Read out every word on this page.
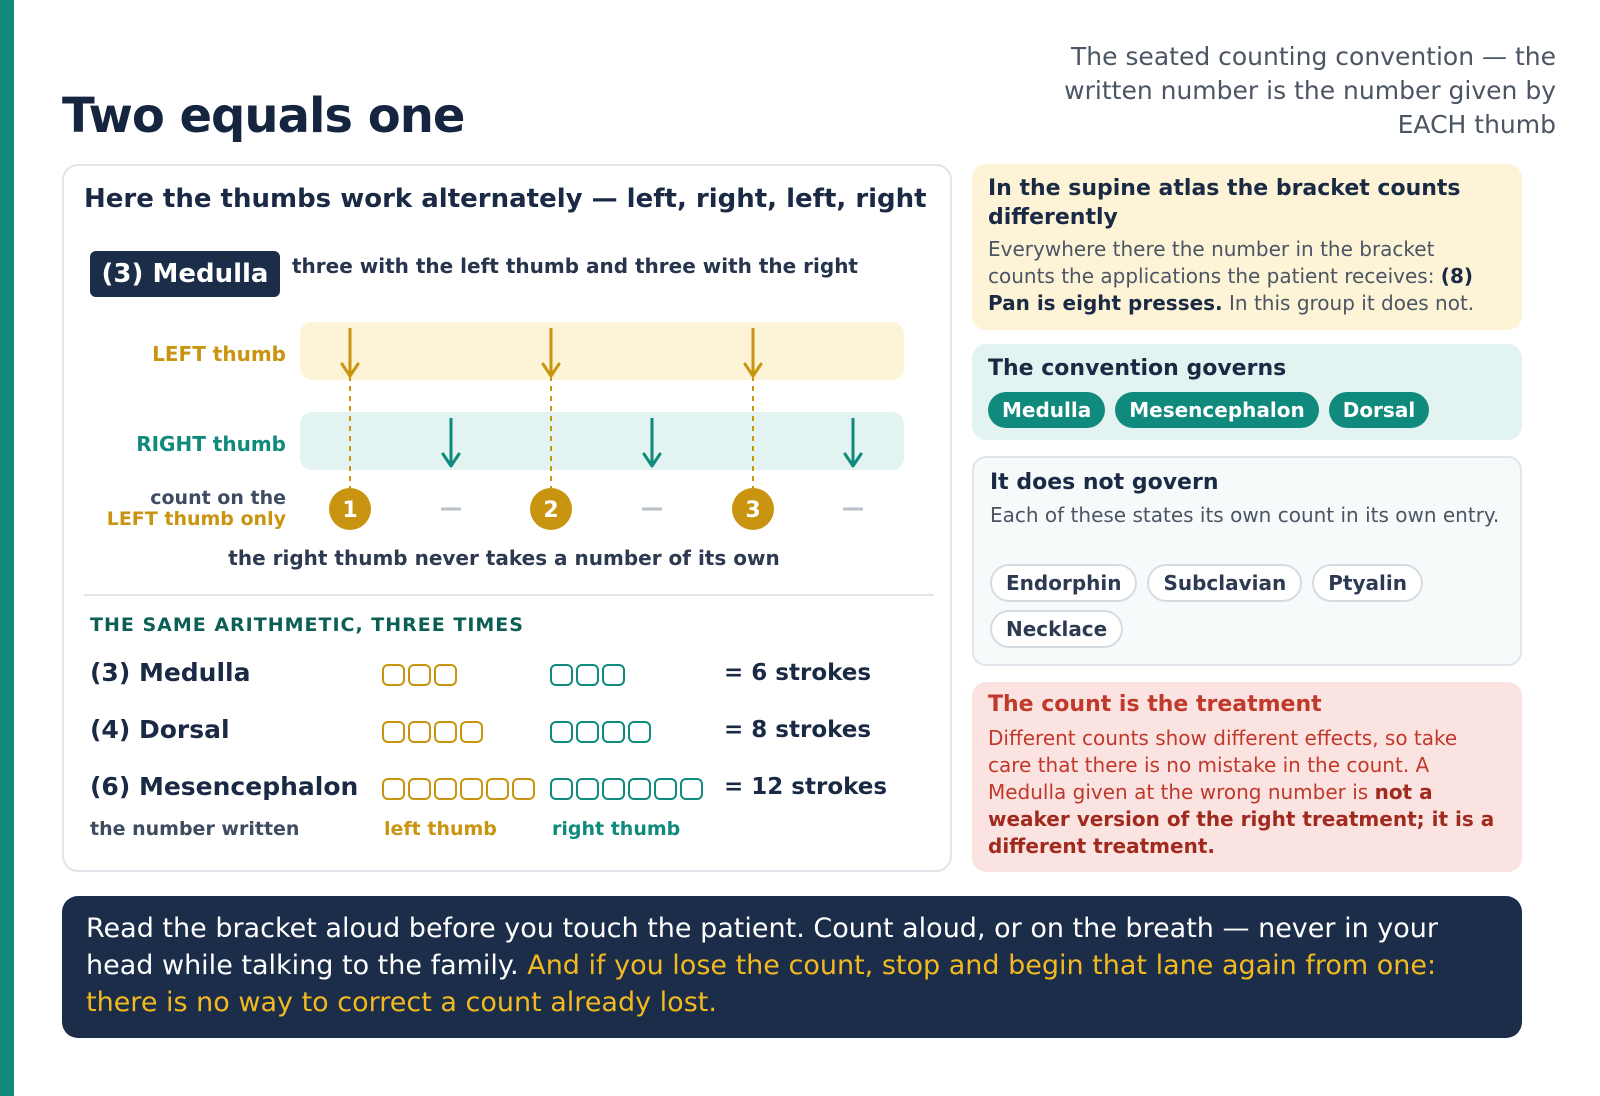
Two equals one
The seated counting convention — the written number is the number given by EACH thumb
Here the thumbs work alternately — left, right, left, right
(3) Medulla	three with the left thumb and three with the right
LEFT thumb
RIGHT thumb
count on the
LEFT thumb only	1	2	3
the right thumb never takes a number of its own
THE SAME ARITHMETIC, THREE TIMES
(3) Medulla	= 6 strokes
(4) Dorsal	= 8 strokes
(6) Mesencephalon	= 12 strokes
the number written	left thumb	right thumb
In the supine atlas the bracket counts differently
Everywhere there the number in the bracket counts the applications the patient receives: (8) Pan is eight presses. In this group it does not.
The convention governs
Medulla	Mesencephalon	Dorsal
It does not govern
Each of these states its own count in its own entry.
Endorphin	Subclavian	Ptyalin
Necklace
The count is the treatment
Different counts show different effects, so take care that there is no mistake in the count. A Medulla given at the wrong number is not a weaker version of the right treatment; it is a different treatment.
Read the bracket aloud before you touch the patient. Count aloud, or on the breath — never in your head while talking to the family. And if you lose the count, stop and begin that lane again from one: there is no way to correct a count already lost.
